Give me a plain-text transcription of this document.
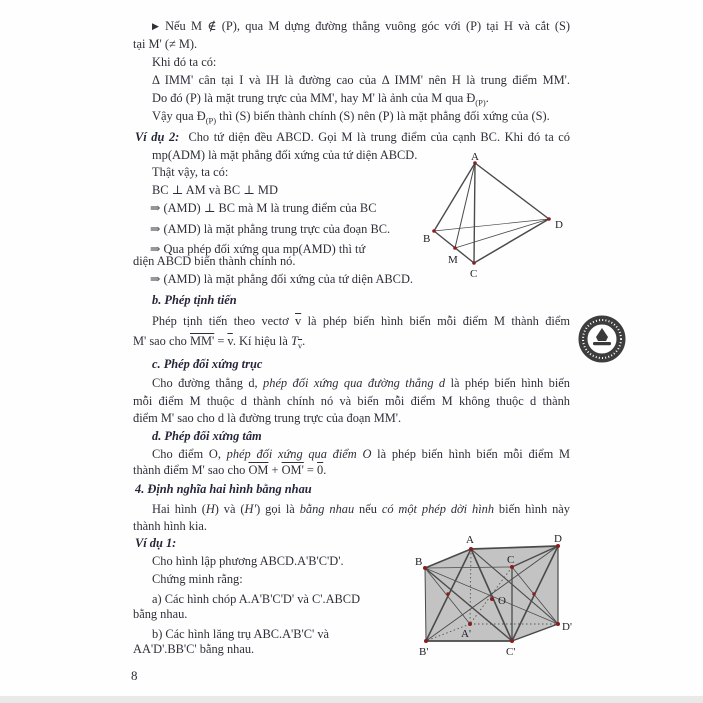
▶ Nếu M ∉ (P), qua M dựng đường thẳng vuông góc với (P) tại H và cắt (S)
tại M' (≠ M).
Khi đó ta có:
Δ IMM' cân tại I và IH là đường cao của Δ IMM' nên H là trung điểm MM'.
Do đó (P) là mặt trung trực của MM', hay M' là ảnh của M qua $Đ_{(P)}$.
Vậy qua $Đ_{(P)}$ thì (S) biến thành chính (S) nên (P) là mặt phẳng đối xứng của (S).
Ví dụ 2: Cho tứ diện đều ABCD. Gọi M là trung điểm của cạnh BC. Khi đó ta có
mp(ADM) là mặt phẳng đối xứng của tứ diện ABCD.
Thật vậy, ta có:
BC ⊥ AM và BC ⊥ MD
⇒ (AMD) ⊥ BC mà M là trung điểm của BC
⇒ (AMD) là mặt phẳng trung trực của đoạn BC.
⇒ Qua phép đối xứng qua mp(AMD) thì tứ
diện ABCD biến thành chính nó.
⇒ (AMD) là mặt phẳng đối xứng của tứ diện ABCD.
b. Phép tịnh tiến
Phép tịnh tiến theo vectơ $\overline{v}$ là phép biến hình biến mỗi điểm M thành điểm
M' sao cho $MM' = \overline{v}$. Kí hiệu là $T_{\overline{v}}$.
c. Phép đối xứng trục
Cho đường thẳng d, phép đối xứng qua đường thẳng d là phép biến hình biến
mỗi điểm M thuộc d thành chính nó và biến mỗi điểm M không thuộc d thành
điểm M' sao cho d là đường trung trực của đoạn MM'.
d. Phép đối xứng tâm
Cho điểm O, phép đối xứng qua điểm O là phép biến hình biến mỗi điểm M
thành điểm M' sao cho $\overline{OM} + OM' = 0$.
4. Định nghĩa hai hình bằng nhau
Hai hình (H) và (H') gọi là bằng nhau nếu có một phép dời hình biến hình này
thành hình kia.
Ví dụ 1:
Cho hình lập phương ABCD.A'B'C'D'.
Chứng minh rằng:
a) Các hình chóp A.A'B'C'D' và C'.ABCD
bằng nhau.
b) Các hình lăng trụ ABC.A'B'C' và
AA'D'.BB'C' bằng nhau.
8
A
B
D
M
C
A	D
B	C
O
A'
D'
B'	C'
